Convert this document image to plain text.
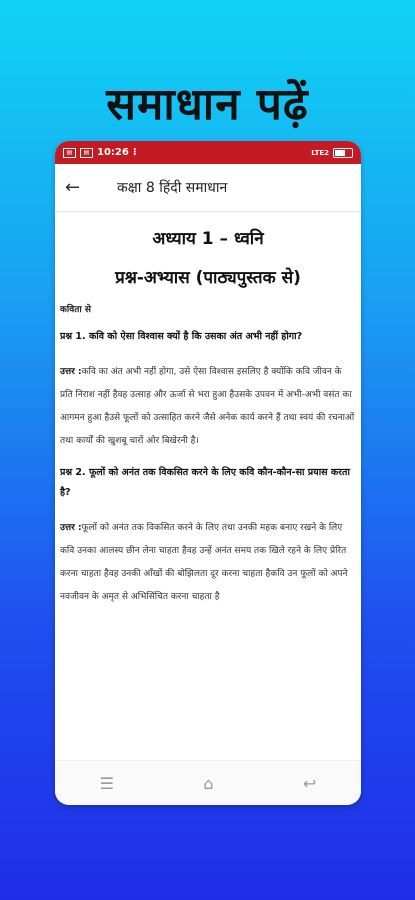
समाधान पढ़ें
▤	▤ 10:26 ⁝	LTE2
←	कक्षा 8 हिंदी समाधान
अध्याय 1 – ध्वनि
प्रश्न-अभ्यास (पाठ्यपुस्तक से)
कविता से
प्रश्न 1. कवि को ऐसा विश्वास क्यों है कि उसका अंत अभी नहीं होगा?
उत्तर :कवि का अंत अभी नहीं होगा, उसे ऐसा विश्वास इसलिए है क्योंकि कवि जीवन के प्रति निराश नहीं हैवह उत्साह और ऊर्जा से भरा हुआ हैउसके उपवन में अभी-अभी वसंत का आगमन हुआ हैउसे फूलों को उत्साहित करने जैसे अनेक कार्य करने हैं तथा स्वयं की रचनाओं तथा कार्यों की खुशबू चारों ओर बिखेरनी है।
प्रश्न 2. फूलों को अनंत तक विकसित करने के लिए कवि कौन-कौन-सा प्रयास करता है?
उत्तर :फूलों को अनंत तक विकसित करने के लिए तथा उनकी महक बनाए रखने के लिए कवि उनका आलस्य छीन लेना चाहता हैवह उन्हें अनंत समय तक खिले रहने के लिए प्रेरित करना चाहता हैवह उनकी आँखों की बोझिलता दूर करना चाहता हैकवि उन फूलों को अपने नवजीवन के अमृत से अभिसिंचित करना चाहता है
☰	⌂	↩
